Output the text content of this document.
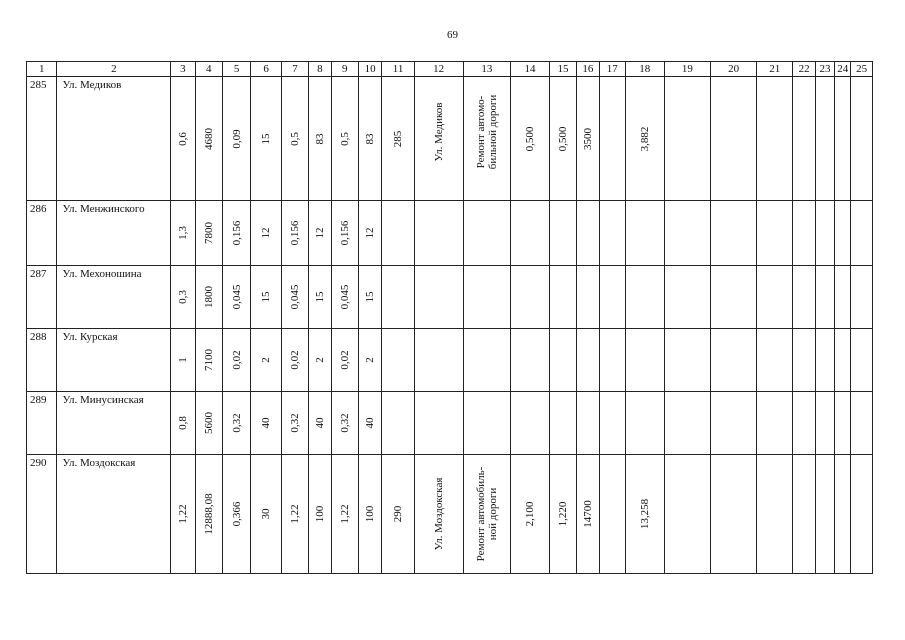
69
1	2	3	4	5	6	7	8	9	10	11	12	13	14	15	16	17	18	19	20	21	22	23	24	25
285	Ул. Медиков	0,6	4680	0,09	15	0,5	83	0,5	83	285	Ул. Медиков	Ремонт автомо-
бильной дороги	0,500	0,500	3500		3,882							

286	Ул. Менжинского	1,3	7800	0,156	12	0,156	12	0,156	12															

287	Ул. Мехоношина	0,3	1800	0,045	15	0,045	15	0,045	15															

288	Ул. Курская	1	7100	0,02	2	0,02	2	0,02	2															

289	Ул. Минусинская	0,8	5600	0,32	40	0,32	40	0,32	40															

290	Ул. Моздокская	1,22	12888,08	0,366	30	1,22	100	1,22	100	290	Ул. Моздокская	Ремонт автомобиль-
ной дороги	2,100	1,220	14700		13,258							
